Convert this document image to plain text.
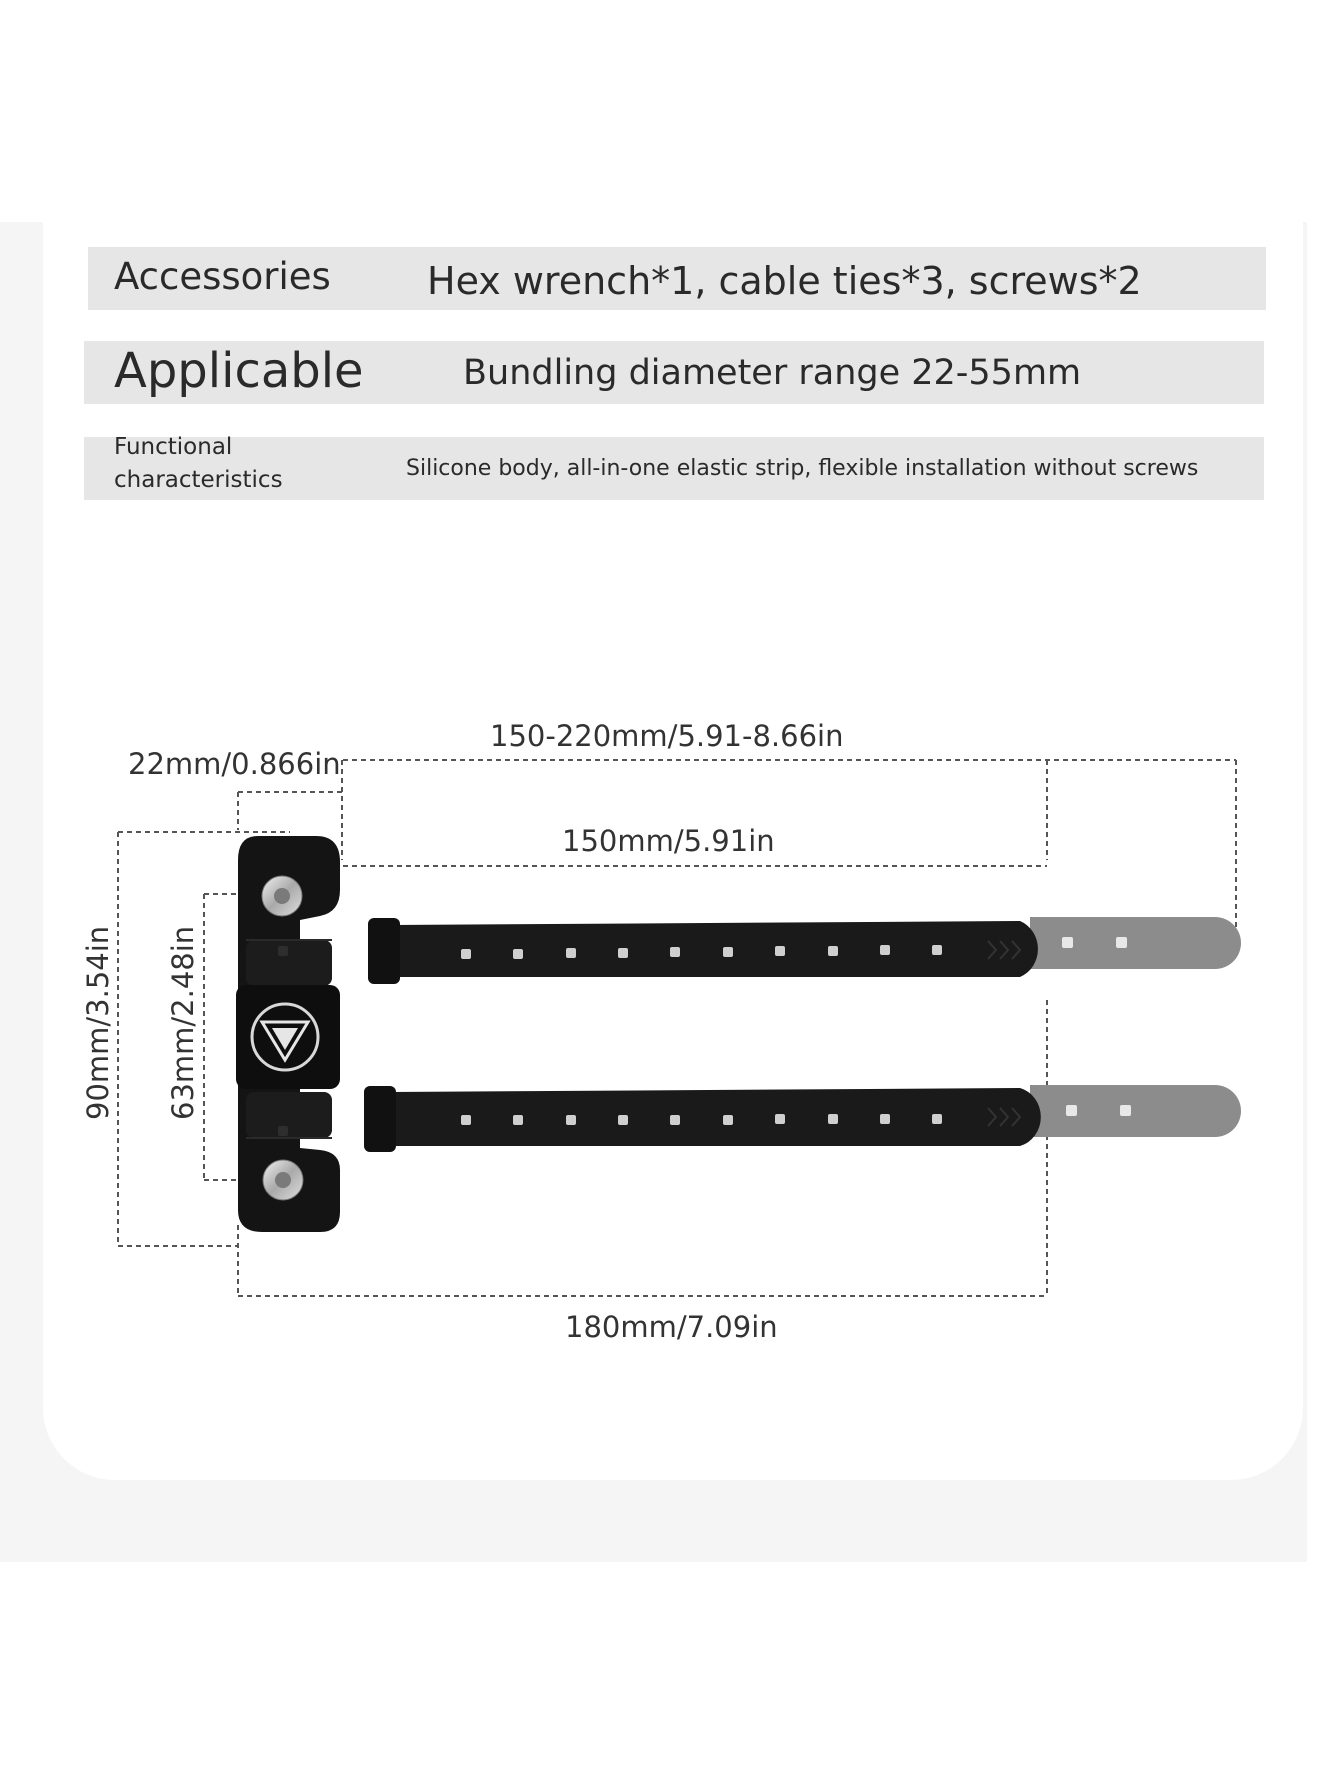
Accessories	Hex wrench*1, cable ties*3, screws*2
Applicable	Bundling diameter range 22-55mm
Functional characteristics	Silicone body, all-in-one elastic strip, flexible installation without screws
150-220mm/5.91-8.66in
22mm/0.866in
150mm/5.91in
90mm/3.54in 63mm/2.48in
180mm/7.09in
